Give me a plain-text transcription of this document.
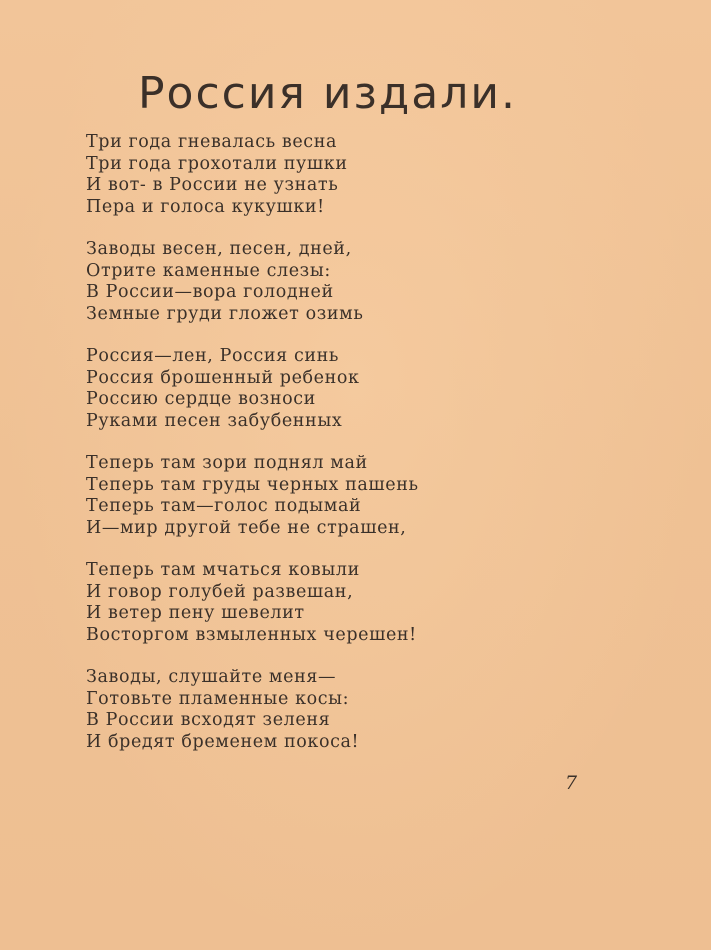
Россия издали.
Три года гневалась весна
Три года грохотали пушки
И вот- в России не узнать
Пера и голоса кукушки!
Заводы весен, песен, дней,
Отрите каменные слезы:
В России—вора голодней
Земные груди гложет озимь
Россия—лен, Россия синь
Россия брошенный ребенок
Россию сердце возноси
Руками песен забубенных
Теперь там зори поднял май
Теперь там груды черных пашень
Теперь там—голос подымай
И—мир другой тебе не страшен,
Теперь там мчаться ковыли
И говор голубей развешан,
И ветер пену шевелит
Восторгом взмыленных черешен!
Заводы, слушайте меня—
Готовьте пламенные косы:
В России всходят зеленя
И бредят бременем покоса!
7
